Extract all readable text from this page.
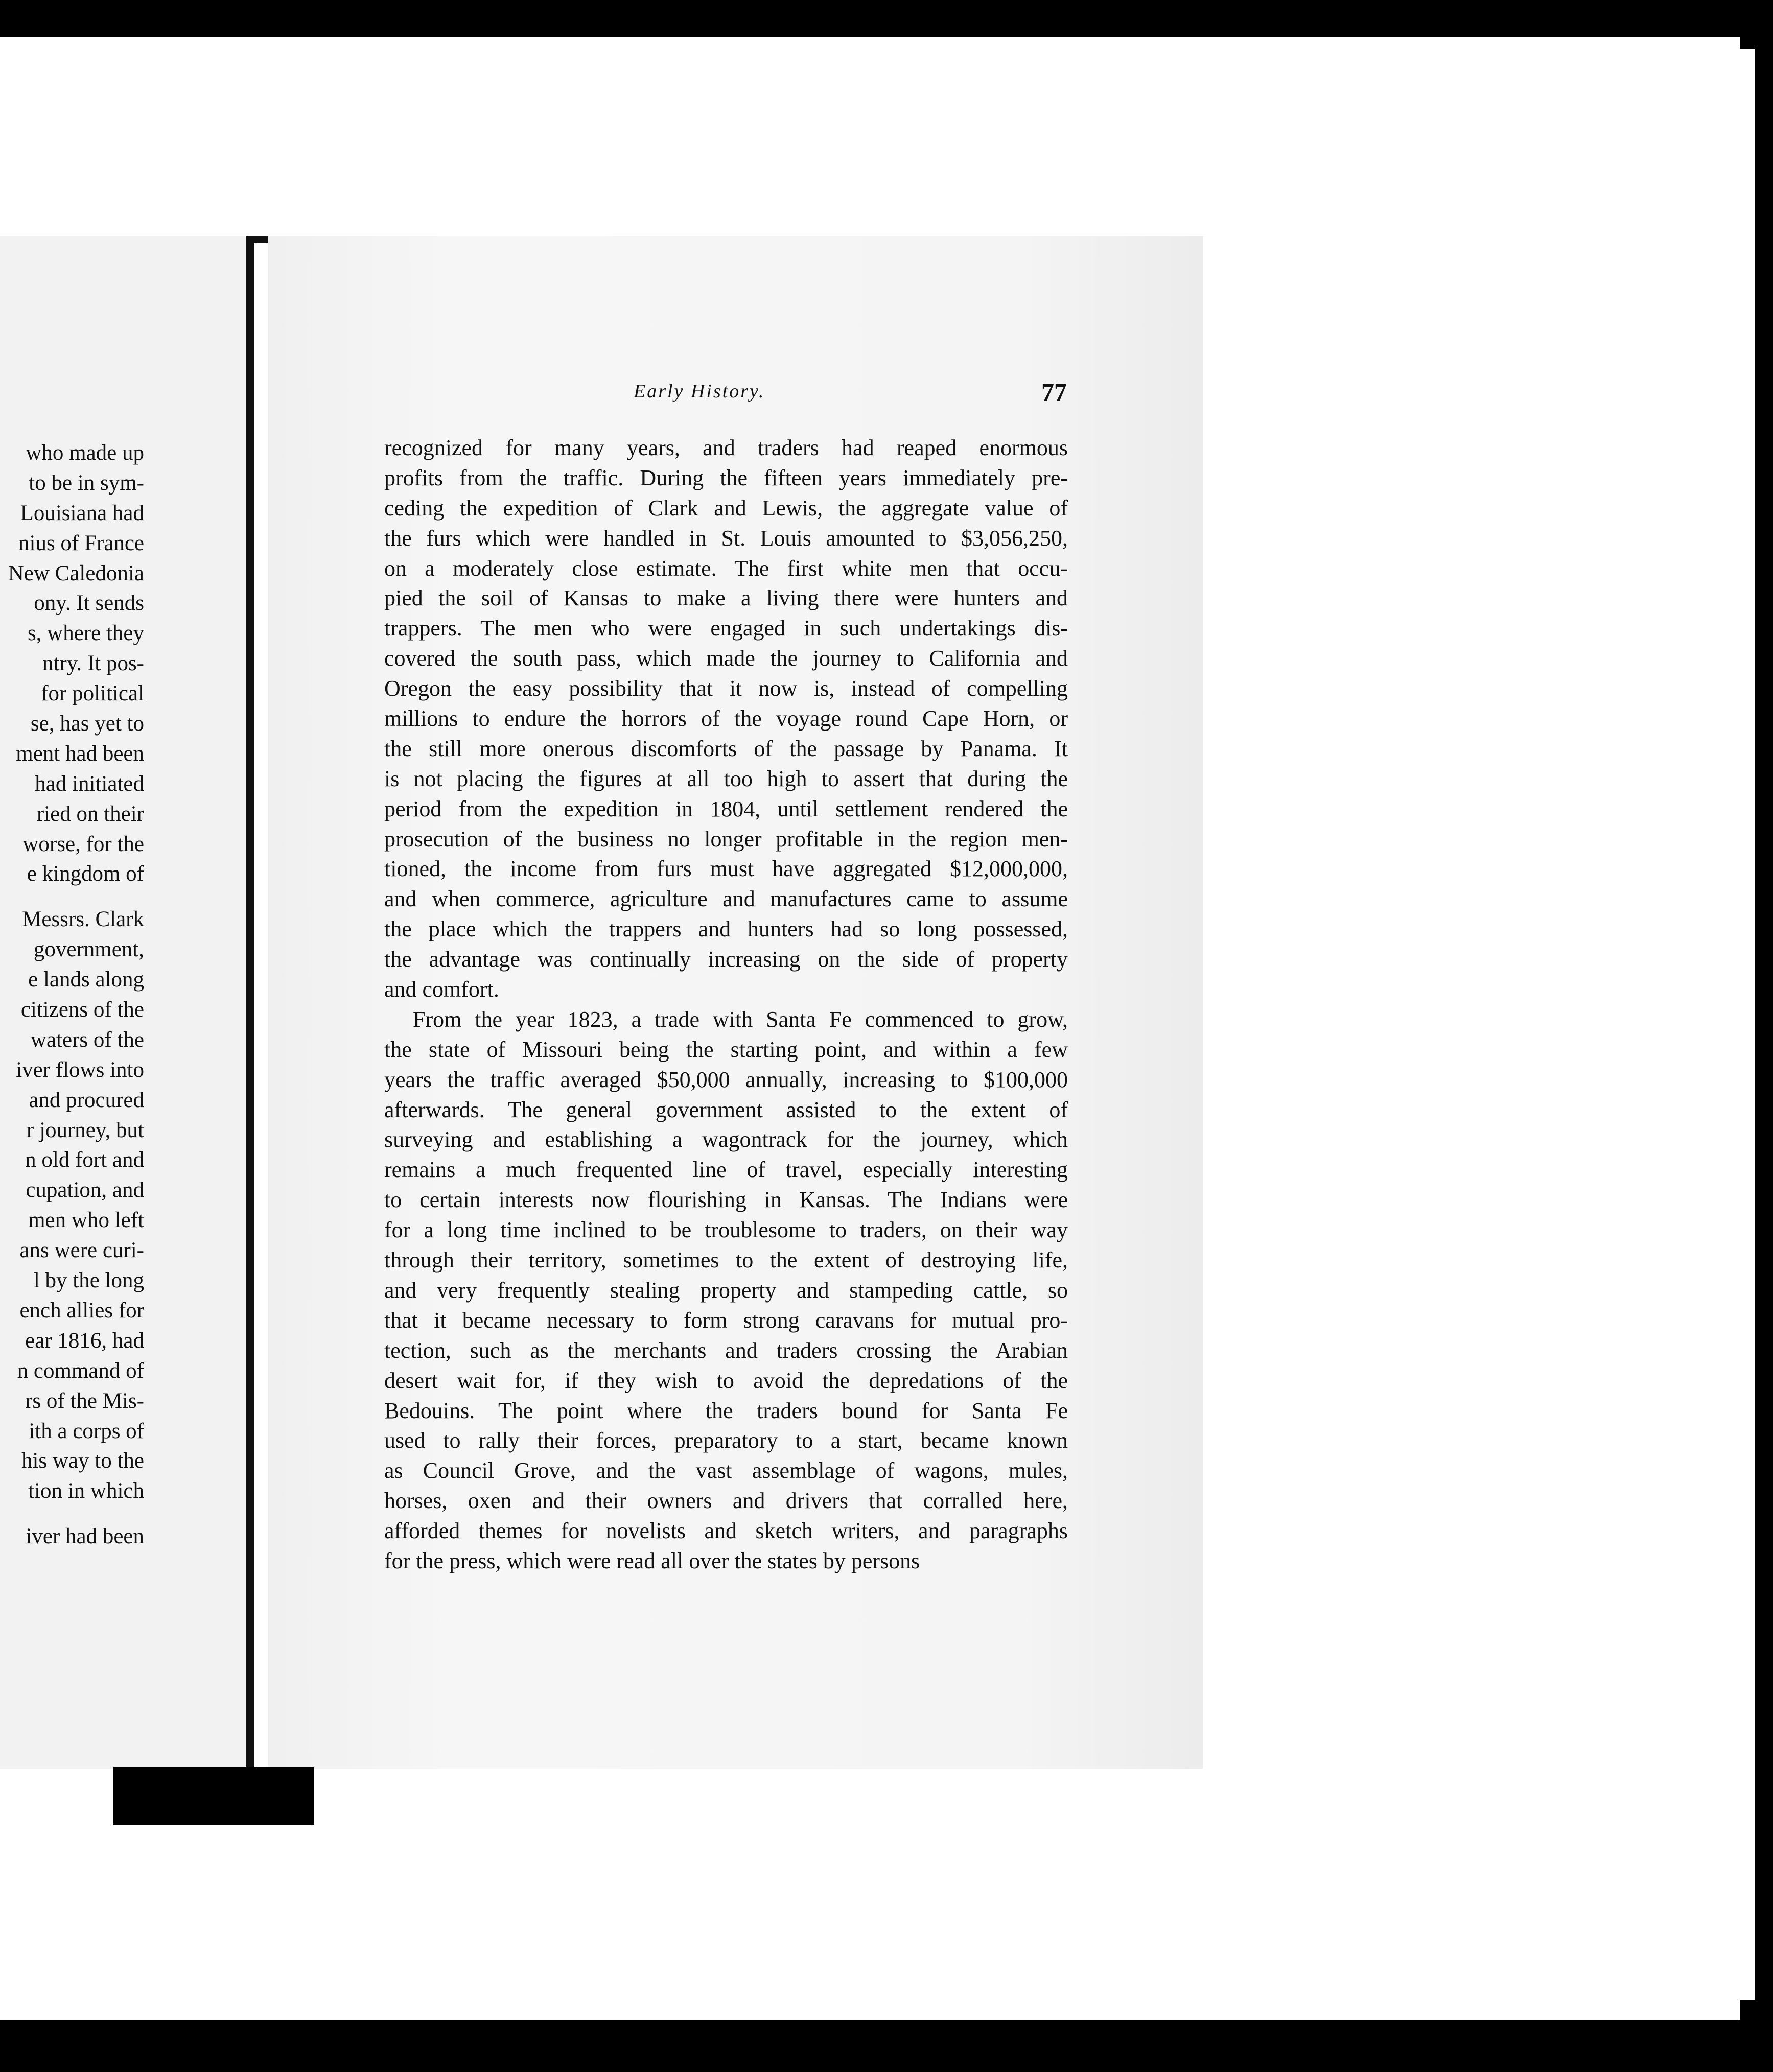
who made up
to be in sym-
Louisiana had
nius of France
New Caledonia
ony. It sends
s, where they
ntry. It pos-
for political
se, has yet to
ment had been
had initiated
ried on their
worse, for the
e kingdom of
Messrs. Clark
government,
e lands along
citizens of the
waters of the
iver flows into
and procured
r journey, but
n old fort and
cupation, and
men who left
ans were curi-
l by the long
ench allies for
ear 1816, had
n command of
rs of the Mis-
ith a corps of
his way to the
tion in which
iver had been
Early History.	77
recognized for many years, and traders had reaped enormous
profits from the traffic. During the fifteen years immediately pre-
ceding the expedition of Clark and Lewis, the aggregate value of
the furs which were handled in St. Louis amounted to $3,056,250,
on a moderately close estimate. The first white men that occu-
pied the soil of Kansas to make a living there were hunters and
trappers. The men who were engaged in such undertakings dis-
covered the south pass, which made the journey to California and
Oregon the easy possibility that it now is, instead of compelling
millions to endure the horrors of the voyage round Cape Horn, or
the still more onerous discomforts of the passage by Panama. It
is not placing the figures at all too high to assert that during the
period from the expedition in 1804, until settlement rendered the
prosecution of the business no longer profitable in the region men-
tioned, the income from furs must have aggregated $12,000,000,
and when commerce, agriculture and manufactures came to assume
the place which the trappers and hunters had so long possessed,
the advantage was continually increasing on the side of property
and comfort.
From the year 1823, a trade with Santa Fe commenced to grow,
the state of Missouri being the starting point, and within a few
years the traffic averaged $50,000 annually, increasing to $100,000
afterwards. The general government assisted to the extent of
surveying and establishing a wagontrack for the journey, which
remains a much frequented line of travel, especially interesting
to certain interests now flourishing in Kansas. The Indians were
for a long time inclined to be troublesome to traders, on their way
through their territory, sometimes to the extent of destroying life,
and very frequently stealing property and stampeding cattle, so
that it became necessary to form strong caravans for mutual pro-
tection, such as the merchants and traders crossing the Arabian
desert wait for, if they wish to avoid the depredations of the
Bedouins. The point where the traders bound for Santa Fe
used to rally their forces, preparatory to a start, became known
as Council Grove, and the vast assemblage of wagons, mules,
horses, oxen and their owners and drivers that corralled here,
afforded themes for novelists and sketch writers, and paragraphs
for the press, which were read all over the states by persons
